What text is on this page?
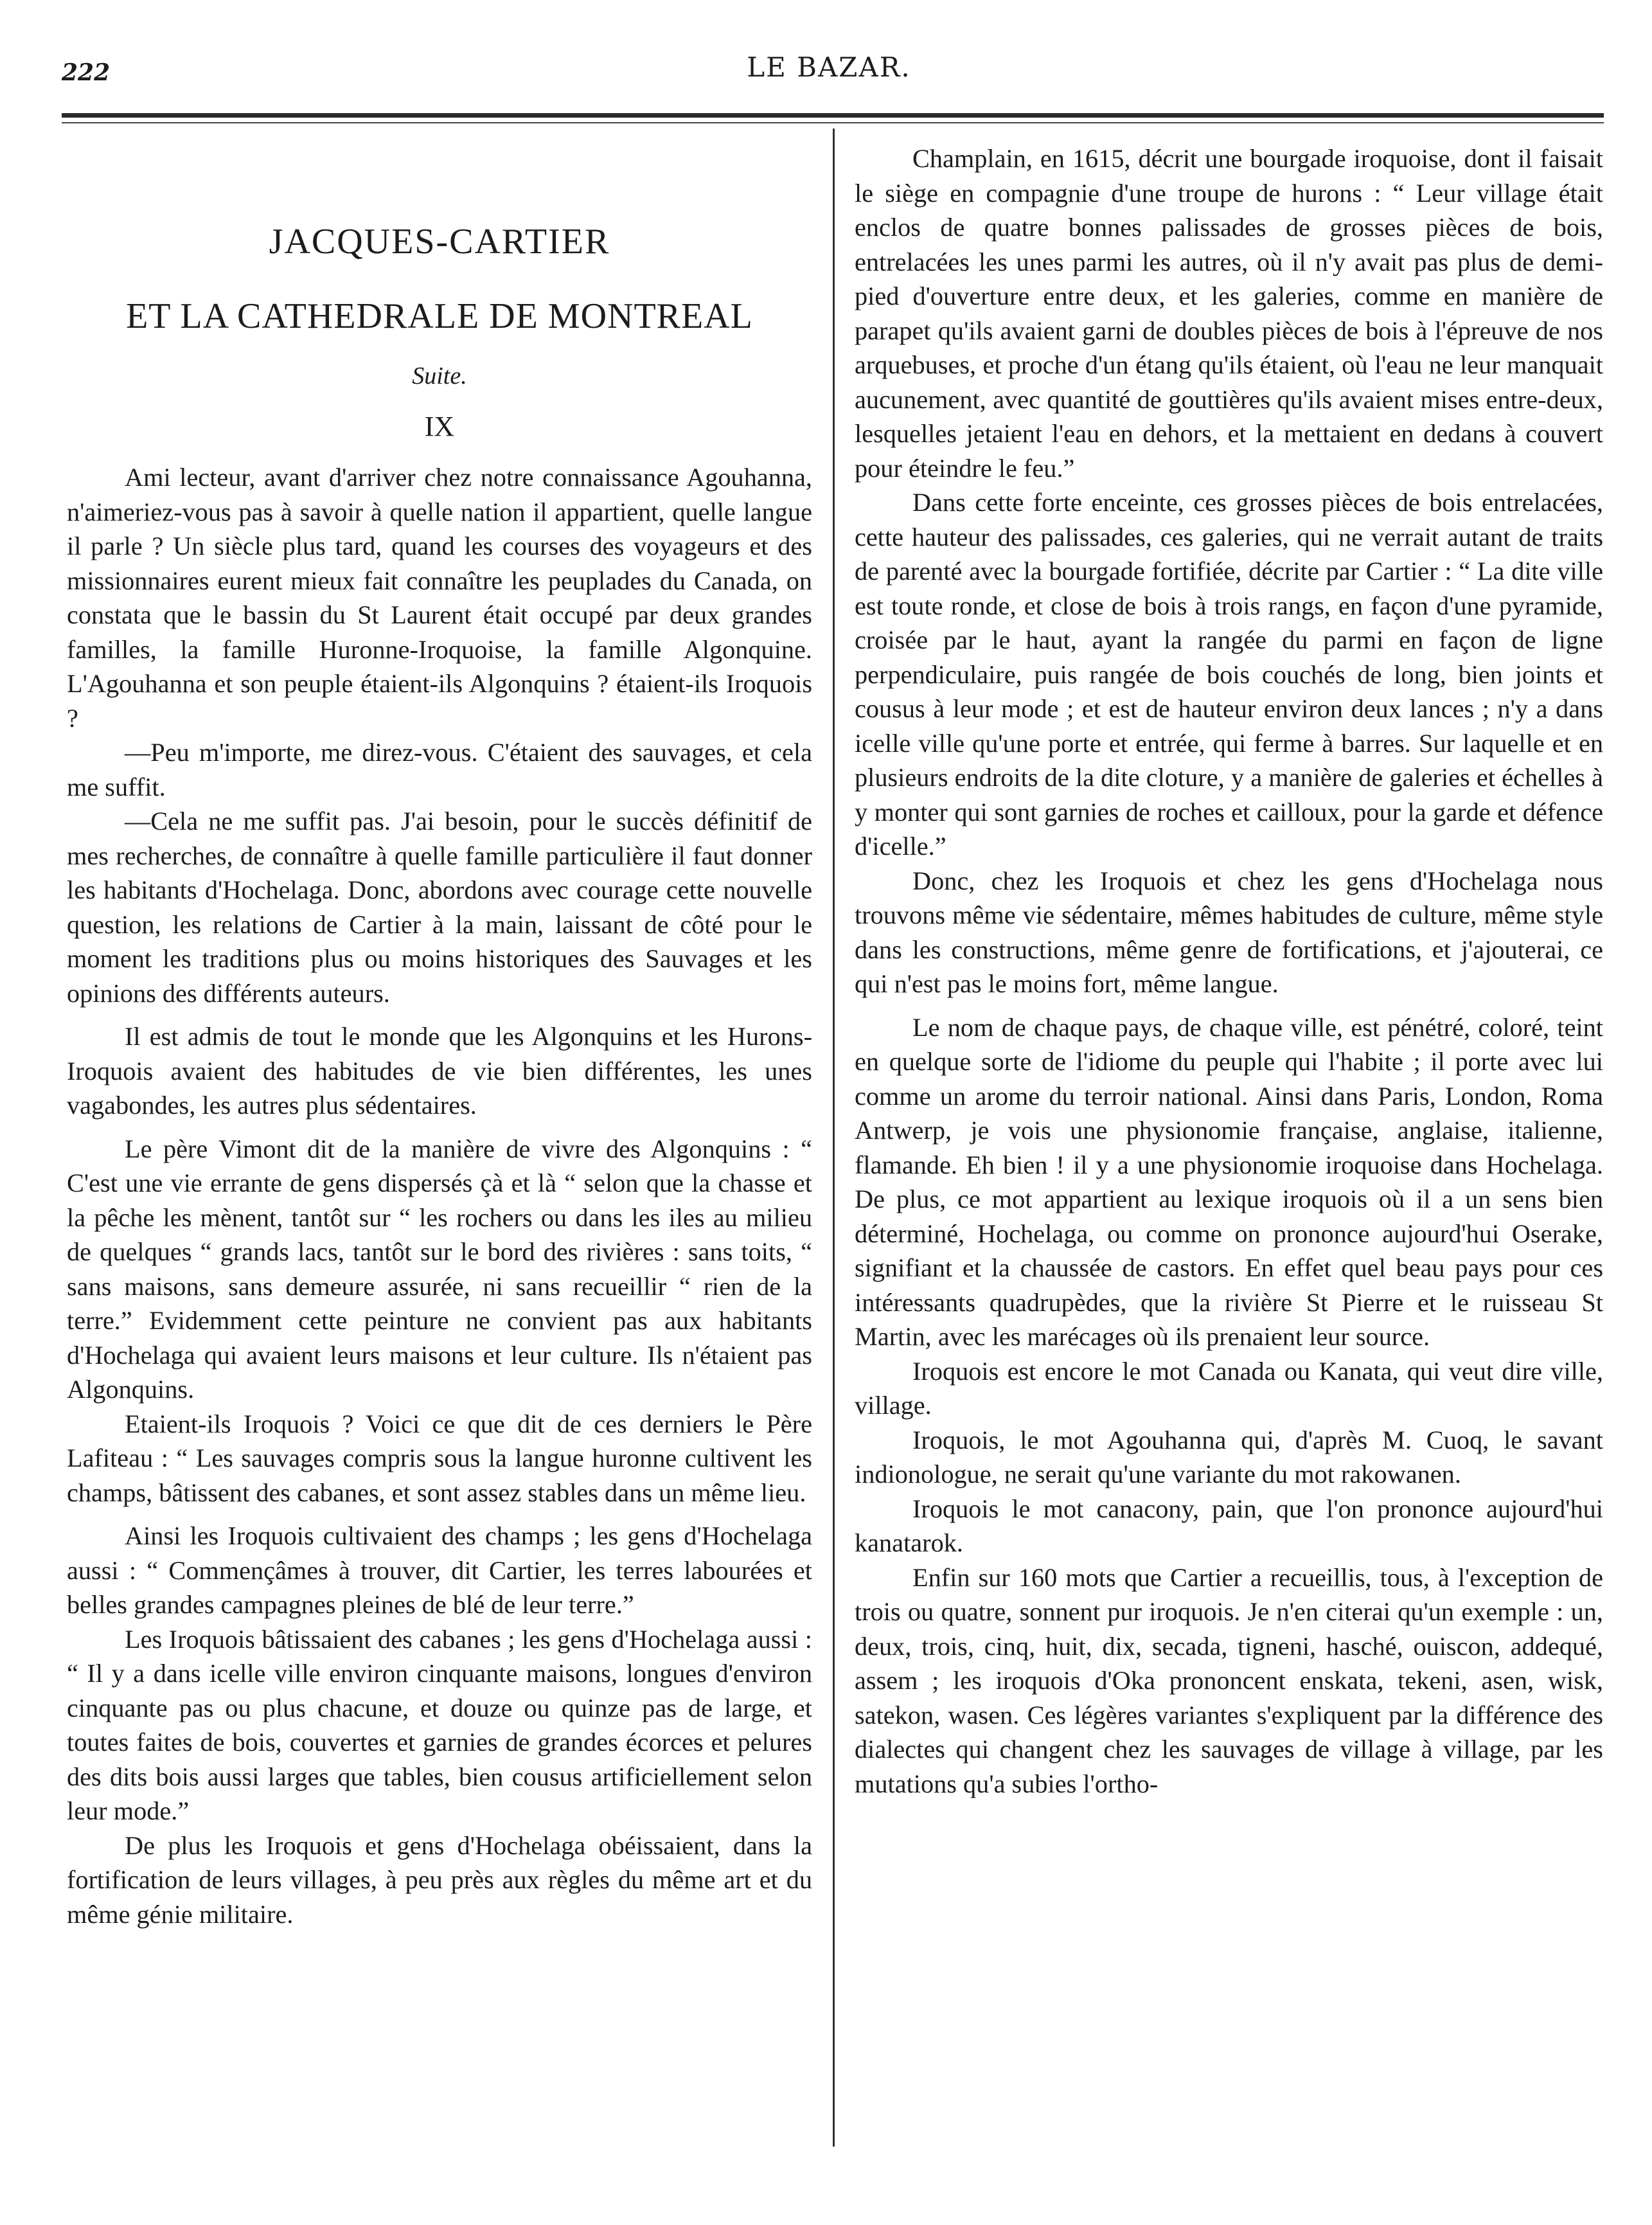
222	LE BAZAR.
JACQUES-CARTIER
ET LA CATHEDRALE DE MONTREAL
Suite.
IX

Ami lecteur, avant d'arriver chez notre connaissance Agouhanna, n'aimeriez-vous pas à savoir à quelle nation il appartient, quelle langue il parle ? Un siècle plus tard, quand les courses des voyageurs et des missionnaires eurent mieux fait connaître les peuplades du Canada, on constata que le bassin du St Laurent était occupé par deux grandes familles, la famille Huronne-Iroquoise, la famille Algonquine. L'Agouhanna et son peuple étaient-ils Algonquins ? étaient-ils Iroquois ?

—Peu m'importe, me direz-vous. C'étaient des sauvages, et cela me suffit.

—Cela ne me suffit pas. J'ai besoin, pour le succès définitif de mes recherches, de connaître à quelle famille particulière il faut donner les habitants d'Hochelaga. Donc, abordons avec courage cette nouvelle question, les relations de Cartier à la main, laissant de côté pour le moment les traditions plus ou moins historiques des Sauvages et les opinions des différents auteurs.

Il est admis de tout le monde que les Algonquins et les Hurons-Iroquois avaient des habitudes de vie bien différentes, les unes vagabondes, les autres plus sédentaires.

Le père Vimont dit de la manière de vivre des Algonquins : “ C'est une vie errante de gens dispersés çà et là “ selon que la chasse et la pêche les mènent, tantôt sur “ les rochers ou dans les iles au milieu de quelques “ grands lacs, tantôt sur le bord des rivières : sans toits, “ sans maisons, sans demeure assurée, ni sans recueillir “ rien de la terre.” Evidemment cette peinture ne convient pas aux habitants d'Hochelaga qui avaient leurs maisons et leur culture. Ils n'étaient pas Algonquins.

Etaient-ils Iroquois ? Voici ce que dit de ces derniers le Père Lafiteau : “ Les sauvages compris sous la langue huronne cultivent les champs, bâtissent des cabanes, et sont assez stables dans un même lieu.

Ainsi les Iroquois cultivaient des champs ; les gens d'Hochelaga aussi : “ Commençâmes à trouver, dit Cartier, les terres labourées et belles grandes campagnes pleines de blé de leur terre.”

Les Iroquois bâtissaient des cabanes ; les gens d'Hochelaga aussi : “ Il y a dans icelle ville environ cinquante maisons, longues d'environ cinquante pas ou plus chacune, et douze ou quinze pas de large, et toutes faites de bois, couvertes et garnies de grandes écorces et pelures des dits bois aussi larges que tables, bien cousus artificiellement selon leur mode.”

De plus les Iroquois et gens d'Hochelaga obéissaient, dans la fortification de leurs villages, à peu près aux règles du même art et du même génie militaire.

Champlain, en 1615, décrit une bourgade iroquoise, dont il faisait le siège en compagnie d'une troupe de hurons : “ Leur village était enclos de quatre bonnes palissades de grosses pièces de bois, entrelacées les unes parmi les autres, où il n'y avait pas plus de demi-pied d'ouverture entre deux, et les galeries, comme en manière de parapet qu'ils avaient garni de doubles pièces de bois à l'épreuve de nos arquebuses, et proche d'un étang qu'ils étaient, où l'eau ne leur manquait aucunement, avec quantité de gouttières qu'ils avaient mises entre-deux, lesquelles jetaient l'eau en dehors, et la mettaient en dedans à couvert pour éteindre le feu.”

Dans cette forte enceinte, ces grosses pièces de bois entrelacées, cette hauteur des palissades, ces galeries, qui ne verrait autant de traits de parenté avec la bourgade fortifiée, décrite par Cartier : “ La dite ville est toute ronde, et close de bois à trois rangs, en façon d'une pyramide, croisée par le haut, ayant la rangée du parmi en façon de ligne perpendiculaire, puis rangée de bois couchés de long, bien joints et cousus à leur mode ; et est de hauteur environ deux lances ; n'y a dans icelle ville qu'une porte et entrée, qui ferme à barres. Sur laquelle et en plusieurs endroits de la dite cloture, y a manière de galeries et échelles à y monter qui sont garnies de roches et cailloux, pour la garde et défence d'icelle.”

Donc, chez les Iroquois et chez les gens d'Hochelaga nous trouvons même vie sédentaire, mêmes habitudes de culture, même style dans les constructions, même genre de fortifications, et j'ajouterai, ce qui n'est pas le moins fort, même langue.

Le nom de chaque pays, de chaque ville, est pénétré, coloré, teint en quelque sorte de l'idiome du peuple qui l'habite ; il porte avec lui comme un arome du terroir national. Ainsi dans Paris, London, Roma Antwerp, je vois une physionomie française, anglaise, italienne, flamande. Eh bien ! il y a une physionomie iroquoise dans Hochelaga. De plus, ce mot appartient au lexique iroquois où il a un sens bien déterminé, Hochelaga, ou comme on prononce aujourd'hui Oserake, signifiant et la chaussée de castors. En effet quel beau pays pour ces intéressants quadrupèdes, que la rivière St Pierre et le ruisseau St Martin, avec les marécages où ils prenaient leur source.

Iroquois est encore le mot Canada ou Kanata, qui veut dire ville, village.

Iroquois, le mot Agouhanna qui, d'après M. Cuoq, le savant indionologue, ne serait qu'une variante du mot rakowanen.

Iroquois le mot canacony, pain, que l'on prononce aujourd'hui kanatarok.

Enfin sur 160 mots que Cartier a recueillis, tous, à l'exception de trois ou quatre, sonnent pur iroquois. Je n'en citerai qu'un exemple : un, deux, trois, cinq, huit, dix, secada, tigneni, hasché, ouiscon, addequé, assem ; les iroquois d'Oka prononcent enskata, tekeni, asen, wisk, satekon, wasen. Ces légères variantes s'expliquent par la différence des dialectes qui changent chez les sauvages de village à village, par les mutations qu'a subies l'ortho-
